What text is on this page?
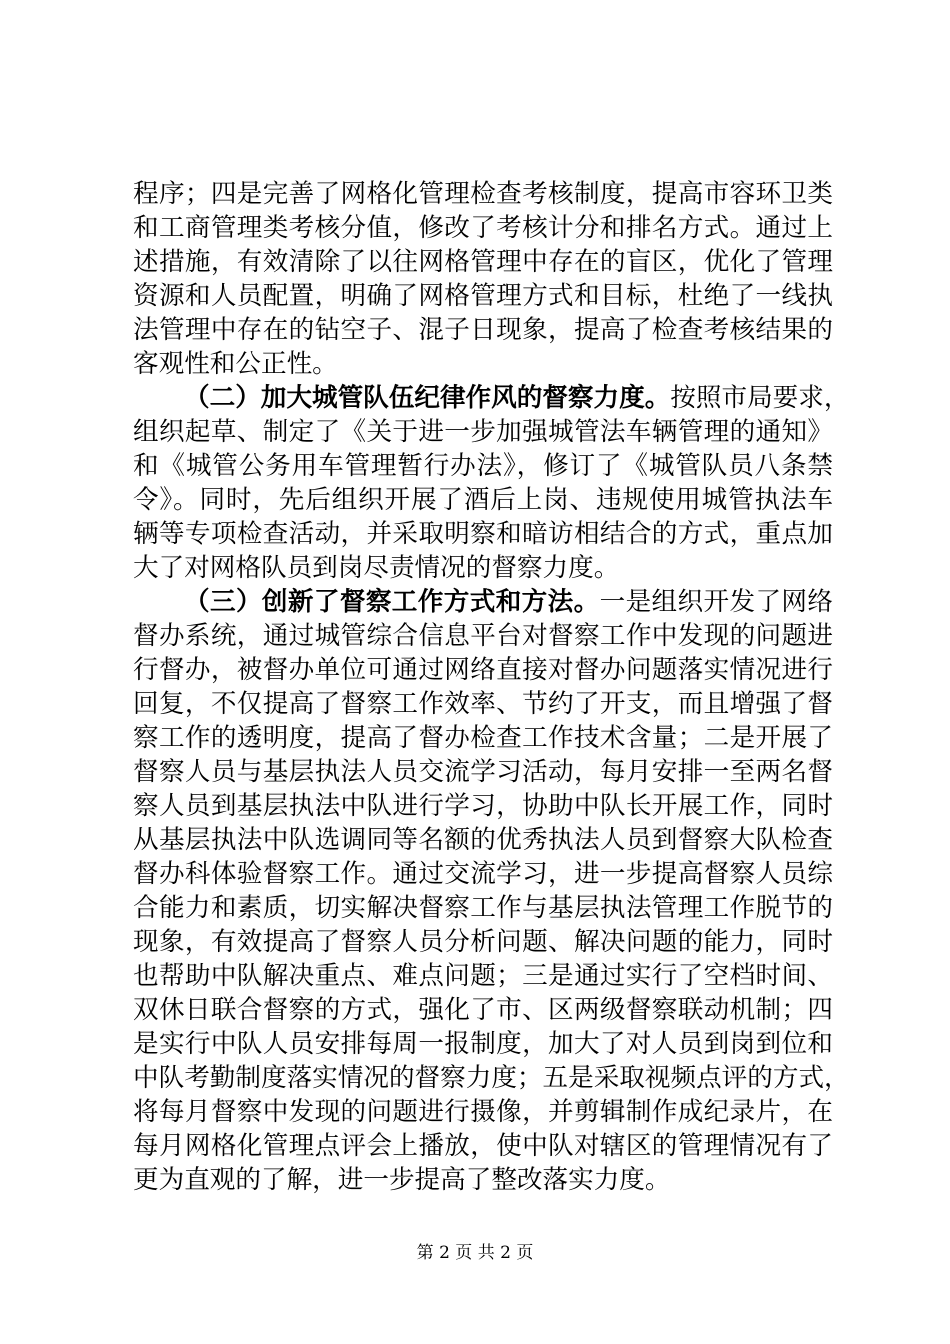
程序；四是完善了网格化管理检查考核制度，提高市容环卫类
和工商管理类考核分值，修改了考核计分和排名方式。通过上
述措施，有效清除了以往网格管理中存在的盲区，优化了管理
资源和人员配置，明确了网格管理方式和目标，杜绝了一线执
法管理中存在的钻空子、混子日现象，提高了检查考核结果的
客观性和公正性。
（二）加大城管队伍纪律作风的督察力度。按照市局要求，
组织起草、制定了《关于进一步加强城管法车辆管理的通知》
和《城管公务用车管理暂行办法》，修订了《城管队员八条禁
令》。同时，先后组织开展了酒后上岗、违规使用城管执法车
辆等专项检查活动，并采取明察和暗访相结合的方式，重点加
大了对网格队员到岗尽责情况的督察力度。
（三）创新了督察工作方式和方法。一是组织开发了网络
督办系统，通过城管综合信息平台对督察工作中发现的问题进
行督办，被督办单位可通过网络直接对督办问题落实情况进行
回复，不仅提高了督察工作效率、节约了开支，而且增强了督
察工作的透明度，提高了督办检查工作技术含量；二是开展了
督察人员与基层执法人员交流学习活动，每月安排一至两名督
察人员到基层执法中队进行学习，协助中队长开展工作，同时
从基层执法中队选调同等名额的优秀执法人员到督察大队检查
督办科体验督察工作。通过交流学习，进一步提高督察人员综
合能力和素质，切实解决督察工作与基层执法管理工作脱节的
现象，有效提高了督察人员分析问题、解决问题的能力，同时
也帮助中队解决重点、难点问题；三是通过实行了空档时间、
双休日联合督察的方式，强化了市、区两级督察联动机制；四
是实行中队人员安排每周一报制度，加大了对人员到岗到位和
中队考勤制度落实情况的督察力度；五是采取视频点评的方式，
将每月督察中发现的问题进行摄像，并剪辑制作成纪录片，在
每月网格化管理点评会上播放，使中队对辖区的管理情况有了
更为直观的了解，进一步提高了整改落实力度。
第 2 页 共 2 页
